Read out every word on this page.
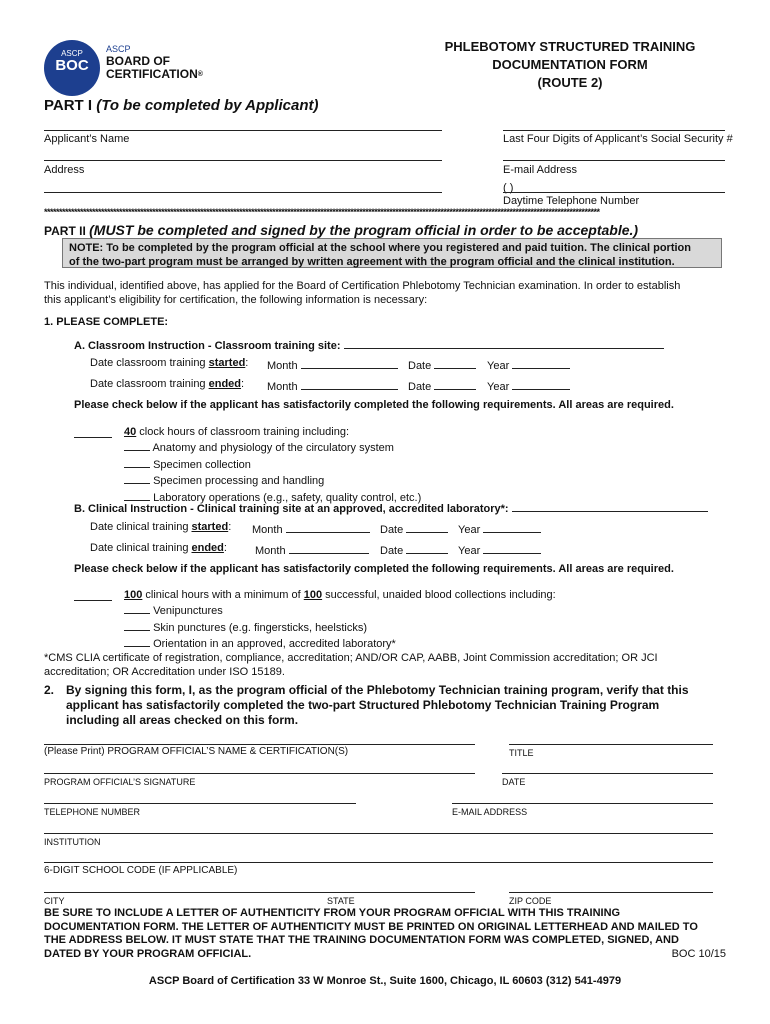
ASCP
BOC
ASCP
BOARD OF
CERTIFICATION®
PHLEBOTOMY STRUCTURED TRAINING
DOCUMENTATION FORM
(ROUTE 2)
PART I (To be completed by Applicant)
Applicant’s Name	Last Four Digits of Applicant’s Social Security #
Address	E-mail Address
( )
Daytime Telephone Number
*****************************************************************************************************************************************************************************************
PART II (MUST be completed and signed by the program official in order to be acceptable.)
NOTE: To be completed by the program official at the school where you registered and paid tuition. The clinical portion
of the two-part program must be arranged by written agreement with the program official and the clinical institution.
This individual, identified above, has applied for the Board of Certification Phlebotomy Technician examination. In order to establish
this applicant’s eligibility for certification, the following information is necessary:
1. PLEASE COMPLETE:
A. Classroom Instruction - Classroom training site:
Date classroom training started: Month	Date	Year
Date classroom training ended: Month	Date	Year
Please check below if the applicant has satisfactorily completed the following requirements. All areas are required.
40 clock hours of classroom training including:
Anatomy and physiology of the circulatory system
Specimen collection
Specimen processing and handling
Laboratory operations (e.g., safety, quality control, etc.)
B. Clinical Instruction - Clinical training site at an approved, accredited laboratory*:
Date clinical training started: Month	Date	Year
Date clinical training ended:	Month	Date	Year
Please check below if the applicant has satisfactorily completed the following requirements. All areas are required.
100 clinical hours with a minimum of 100 successful, unaided blood collections including:
Venipunctures
Skin punctures (e.g. fingersticks, heelsticks)
Orientation in an approved, accredited laboratory*
*CMS CLIA certificate of registration, compliance, accreditation; AND/OR CAP, AABB, Joint Commission accreditation; OR JCI
accreditation; OR Accreditation under ISO 15189.
2. By signing this form, I, as the program official of the Phlebotomy Technician training program, verify that this
applicant has satisfactorily completed the two-part Structured Phlebotomy Technician Training Program
including all areas checked on this form.
(Please Print) PROGRAM OFFICIAL’S NAME & CERTIFICATION(S)	TITLE
PROGRAM OFFICIAL’S SIGNATURE	DATE
TELEPHONE NUMBER	E-MAIL ADDRESS
INSTITUTION
6-DIGIT SCHOOL CODE (IF APPLICABLE)
CITY	STATE	ZIP CODE
BE SURE TO INCLUDE A LETTER OF AUTHENTICITY FROM YOUR PROGRAM OFFICIAL WITH THIS TRAINING
DOCUMENTATION FORM. THE LETTER OF AUTHENTICITY MUST BE PRINTED ON ORIGINAL LETTERHEAD AND MAILED TO
THE ADDRESS BELOW. IT MUST STATE THAT THE TRAINING DOCUMENTATION FORM WAS COMPLETED, SIGNED, AND
DATED BY YOUR PROGRAM OFFICIAL.	BOC 10/15
ASCP Board of Certification 33 W Monroe St., Suite 1600, Chicago, IL 60603 (312) 541-4979
